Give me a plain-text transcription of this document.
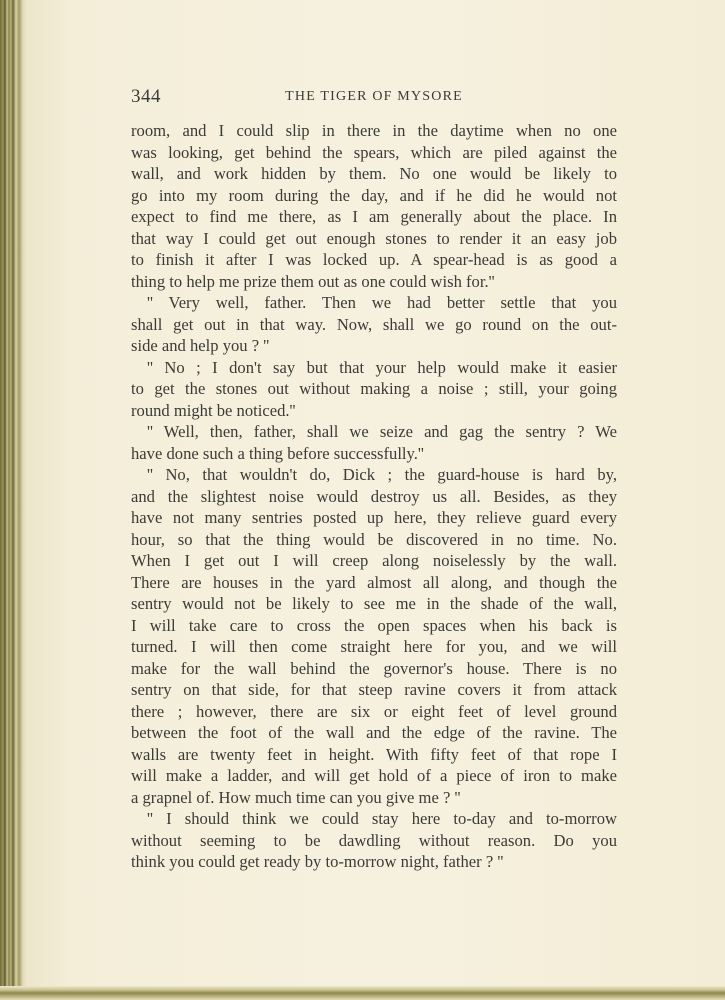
344	THE TIGER OF MYSORE
room, and I could slip in there in the daytime when no one
was looking, get behind the spears, which are piled against the
wall, and work hidden by them. No one would be likely to
go into my room during the day, and if he did he would not
expect to find me there, as I am generally about the place. In
that way I could get out enough stones to render it an easy job
to finish it after I was locked up. A spear-head is as good a
thing to help me prize them out as one could wish for.''
'' Very well, father. Then we had better settle that you
shall get out in that way. Now, shall we go round on the out-
side and help you ? ''
'' No ; I don't say but that your help would make it easier
to get the stones out without making a noise ; still, your going
round might be noticed.''
'' Well, then, father, shall we seize and gag the sentry ? We
have done such a thing before successfully.''
'' No, that wouldn't do, Dick ; the guard-house is hard by,
and the slightest noise would destroy us all. Besides, as they
have not many sentries posted up here, they relieve guard every
hour, so that the thing would be discovered in no time. No.
When I get out I will creep along noiselessly by the wall.
There are houses in the yard almost all along, and though the
sentry would not be likely to see me in the shade of the wall,
I will take care to cross the open spaces when his back is
turned. I will then come straight here for you, and we will
make for the wall behind the governor's house. There is no
sentry on that side, for that steep ravine covers it from attack
there ; however, there are six or eight feet of level ground
between the foot of the wall and the edge of the ravine. The
walls are twenty feet in height. With fifty feet of that rope I
will make a ladder, and will get hold of a piece of iron to make
a grapnel of. How much time can you give me ? ''
'' I should think we could stay here to-day and to-morrow
without seeming to be dawdling without reason. Do you
think you could get ready by to-morrow night, father ? ''
